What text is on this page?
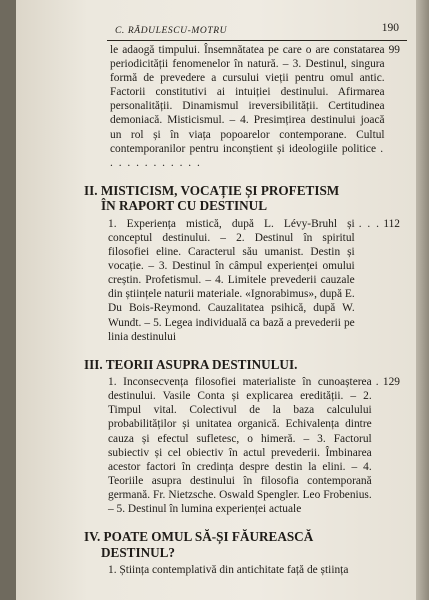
C. RĂDULESCU-MOTRU	190
le adaogă timpului. Însemnătatea pe care o are constatarea periodicității fenomenelor în natură. – 3. Destinul, singura formă de prevedere a cursului vieții pentru omul antic. Factorii constitutivi ai intuiției destinului. Afirmarea personalității. Dinamismul ireversibilității. Certitudinea demoniacă. Misticismul. – 4. Presimțirea destinului joacă un rol și în viața popoarelor contemporane. Cultul contemporanilor pentru inconștient și ideologiile politice . . . . . . . . . . . .
99
II. MISTICISM, VOCAȚIE ȘI PROFETISM
ÎN RAPORT CU DESTINUL
1. Experiența mistică, după L. Lévy-Bruhl și conceptul destinului. – 2. Destinul în spiritul filosofiei eline. Caracterul său umanist. Destin și vocație. – 3. Destinul în câmpul experienței omului creștin. Profetismul. – 4. Limitele prevederii cauzale din științele naturii materiale. «Ignorabimus», după E. Du Bois-Reymond. Cauzalitatea psihică, după W. Wundt. – 5. Legea individuală ca bază a prevederii pe linia destinului
. . . 112
III. TEORII ASUPRA DESTINULUI.
1. Inconsecvența filosofiei materialiste în cunoașterea destinului. Vasile Conta și explicarea eredității. – 2. Timpul vital. Colectivul de la baza calculului probabilităților și unitatea organică. Echivalența dintre cauza și efectul sufletesc, o himeră. – 3. Factorul subiectiv și cel obiectiv în actul prevederii. Îmbinarea acestor factori în credința despre destin la elini. – 4. Teoriile asupra destinului în filosofia contemporană germană. Fr. Nietzsche. Oswald Spengler. Leo Frobenius. – 5. Destinul în lumina experienței actuale
. 129
IV. POATE OMUL SĂ-ȘI FĂUREASCĂ
DESTINUL?
1. Știința contemplativă din antichitate față de știința
